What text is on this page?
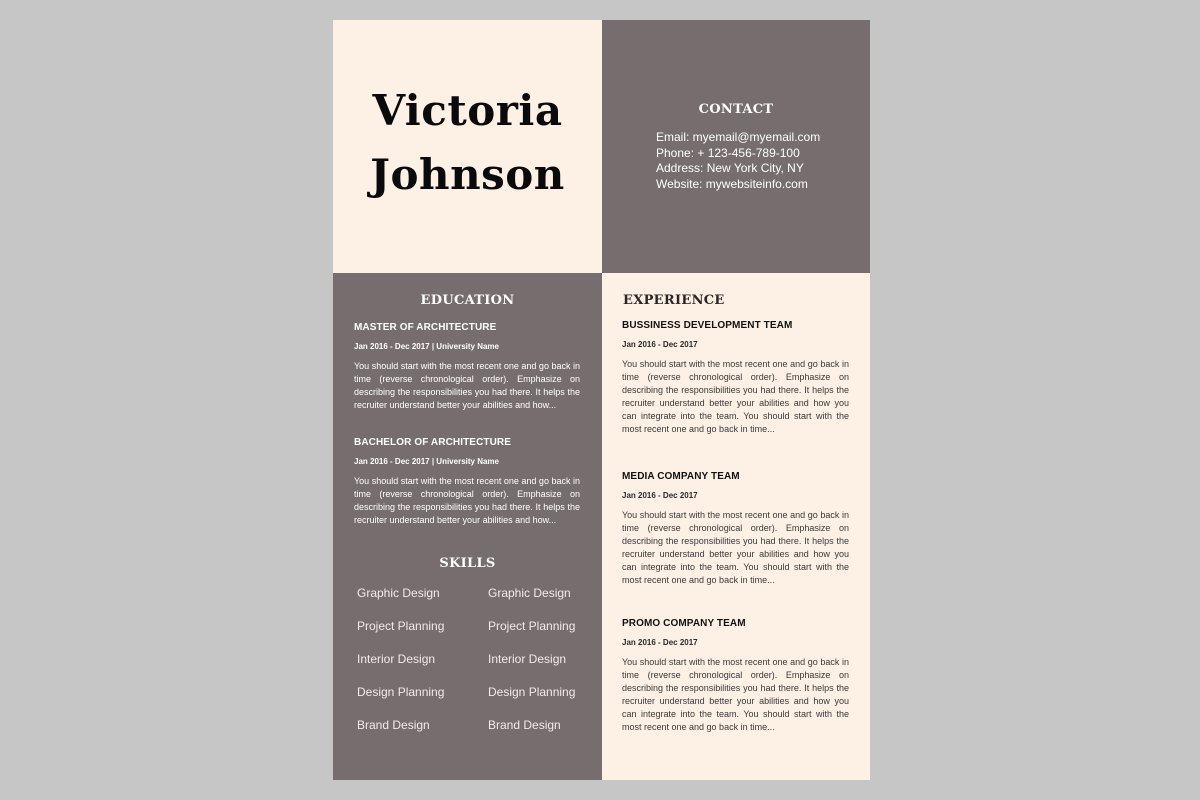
Victoria
Johnson
CONTACT
Email: myemail@myemail.com
Phone: + 123-456-789-100
Address: New York City, NY
Website: mywebsiteinfo.com
EDUCATION
MASTER OF ARCHITECTURE
Jan 2016 - Dec 2017 | University Name
You should start with the most recent one and go back in time (reverse chronological order). Emphasize on describing the responsibilities you had there. It helps the recruiter understand better your abilities and how...
BACHELOR OF ARCHITECTURE
Jan 2016 - Dec 2017 | University Name
You should start with the most recent one and go back in time (reverse chronological order). Emphasize on describing the responsibilities you had there. It helps the recruiter understand better your abilities and how...
SKILLS
Graphic Design	Graphic Design
Project Planning	Project Planning
Interior Design	Interior Design
Design Planning	Design Planning
Brand Design	Brand Design
EXPERIENCE
BUSSINESS DEVELOPMENT TEAM
Jan 2016 - Dec 2017
You should start with the most recent one and go back in time (reverse chronological order). Emphasize on describing the responsibilities you had there. It helps the recruiter understand better your abilities and how you can integrate into the team. You should start with the most recent one and go back in time...
MEDIA COMPANY TEAM
Jan 2016 - Dec 2017
You should start with the most recent one and go back in time (reverse chronological order). Emphasize on describing the responsibilities you had there. It helps the recruiter understand better your abilities and how you can integrate into the team. You should start with the most recent one and go back in time...
PROMO COMPANY TEAM
Jan 2016 - Dec 2017
You should start with the most recent one and go back in time (reverse chronological order). Emphasize on describing the responsibilities you had there. It helps the recruiter understand better your abilities and how you can integrate into the team. You should start with the most recent one and go back in time...
